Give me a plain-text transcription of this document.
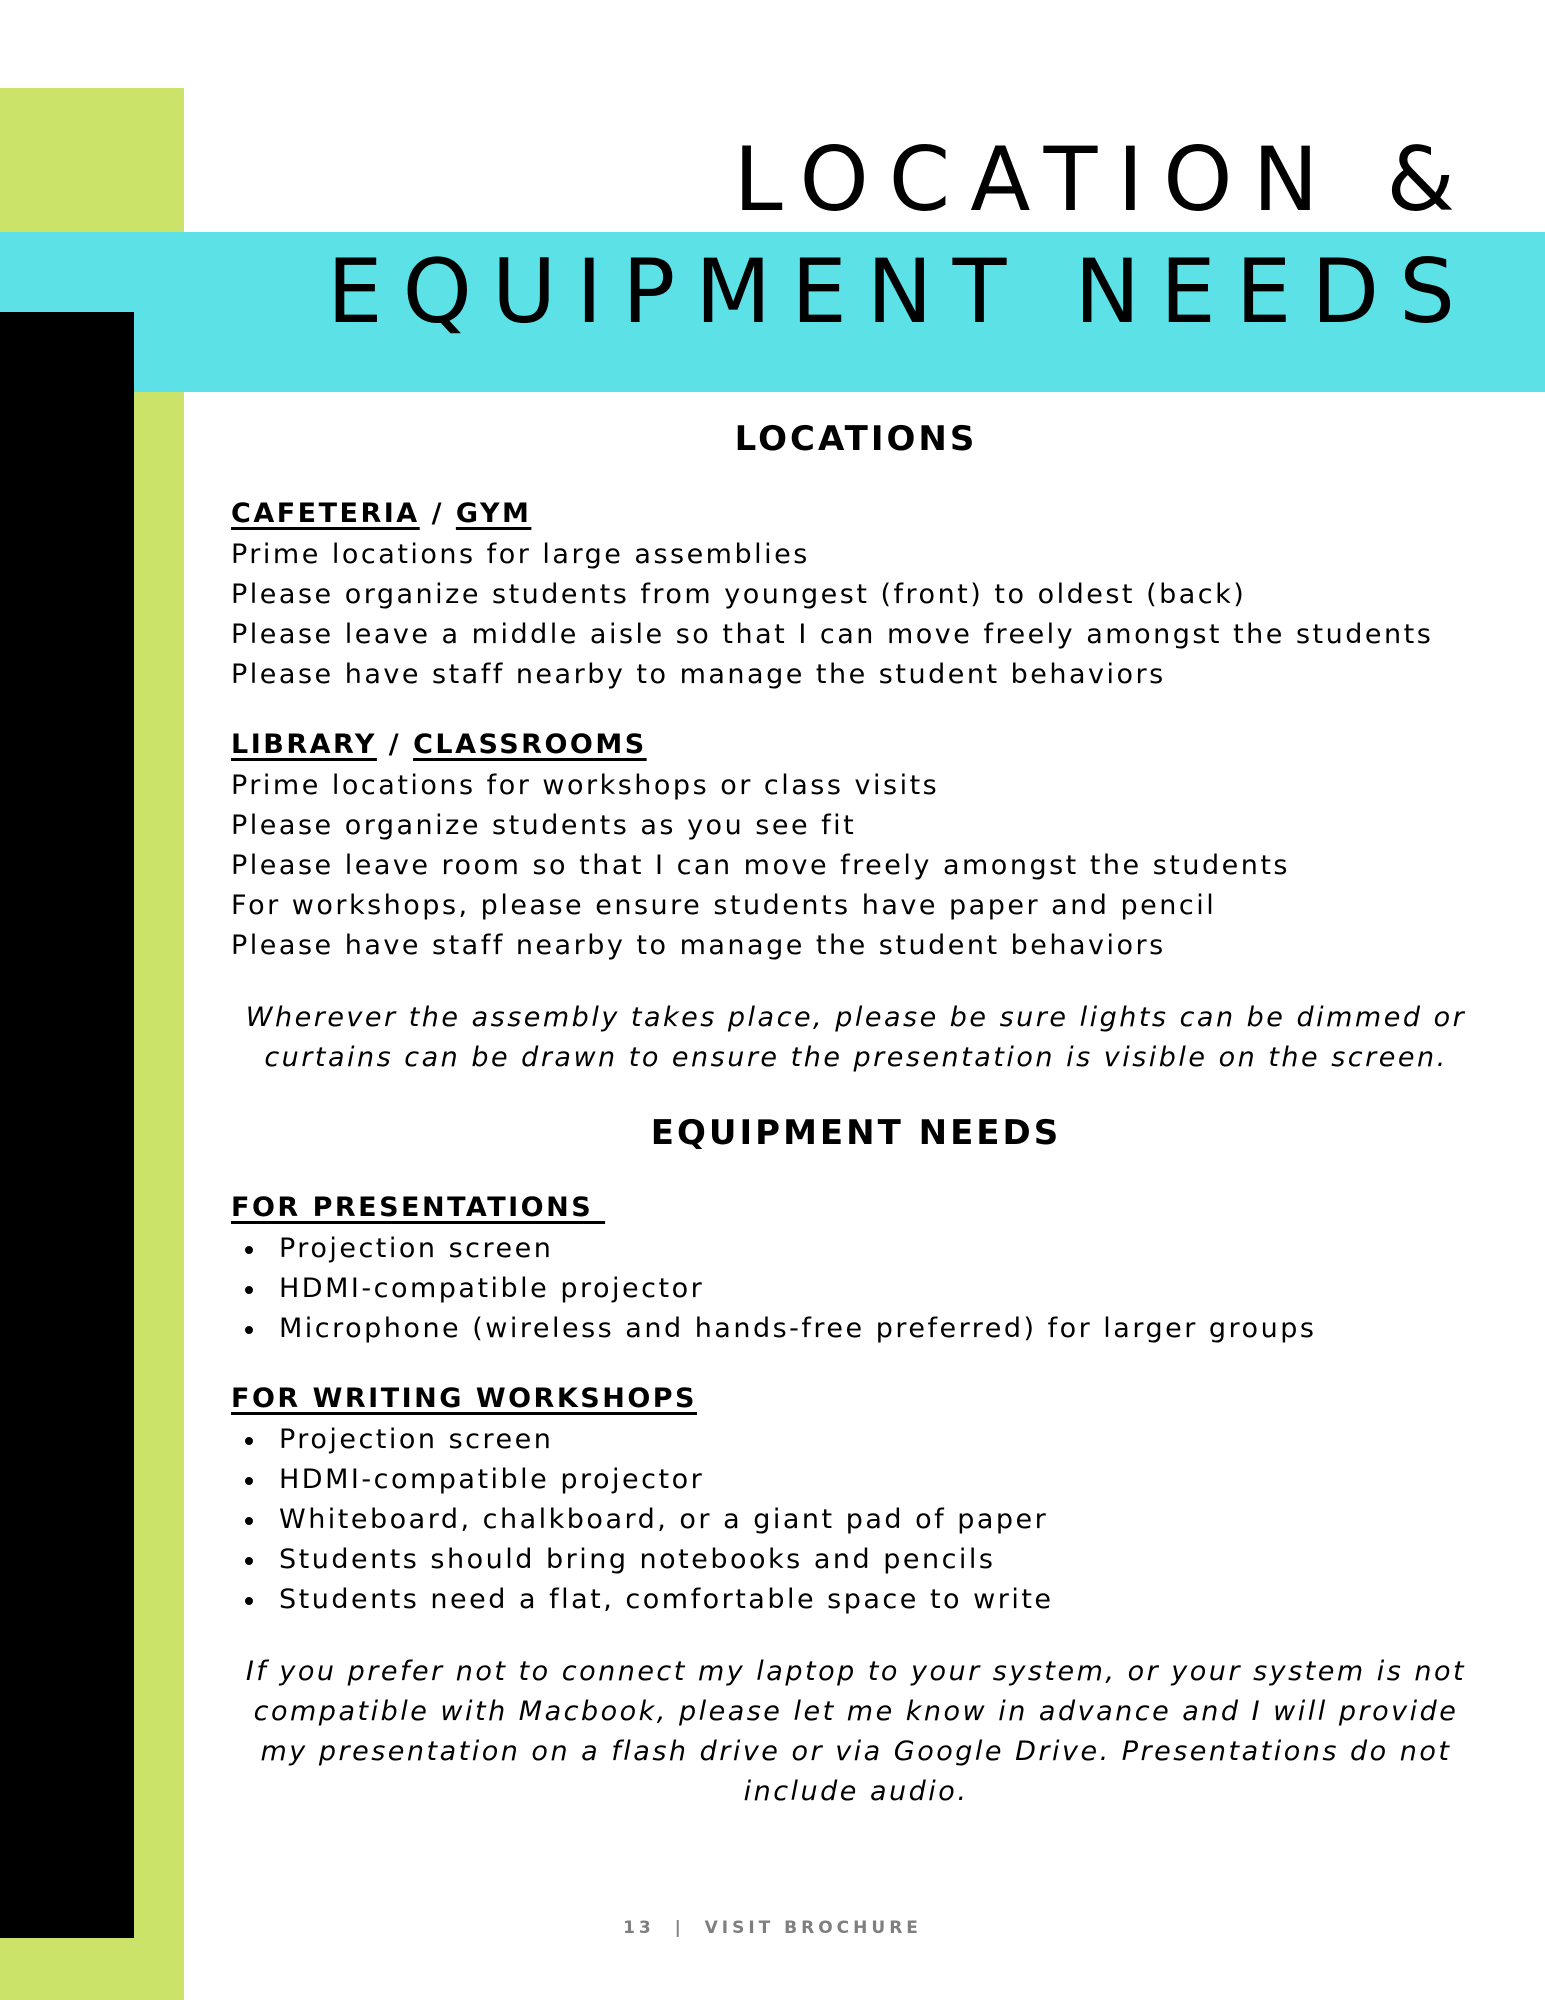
LOCATION &
EQUIPMENT NEEDS
LOCATIONS
CAFETERIA / GYM

Prime locations for large assemblies

Please organize students from youngest (front) to oldest (back)

Please leave a middle aisle so that I can move freely amongst the students

Please have staff nearby to manage the student behaviors

LIBRARY / CLASSROOMS

Prime locations for workshops or class visits

Please organize students as you see fit

Please leave room so that I can move freely amongst the students

For workshops, please ensure students have paper and pencil

Please have staff nearby to manage the student behaviors

Wherever the assembly takes place, please be sure lights can be dimmed or curtains can be drawn to ensure the presentation is visible on the screen.

EQUIPMENT NEEDS
FOR PRESENTATIONS
Projection screen
HDMI-compatible projector
Microphone (wireless and hands-free preferred) for larger groups
FOR WRITING WORKSHOPS
Projection screen
HDMI-compatible projector
Whiteboard, chalkboard, or a giant pad of paper
Students should bring notebooks and pencils
Students need a flat, comfortable space to write

If you prefer not to connect my laptop to your system, or your system is not compatible with Macbook, please let me know in advance and I will provide my presentation on a flash drive or via Google Drive. Presentations do not include audio.

13  |  VISIT BROCHURE
